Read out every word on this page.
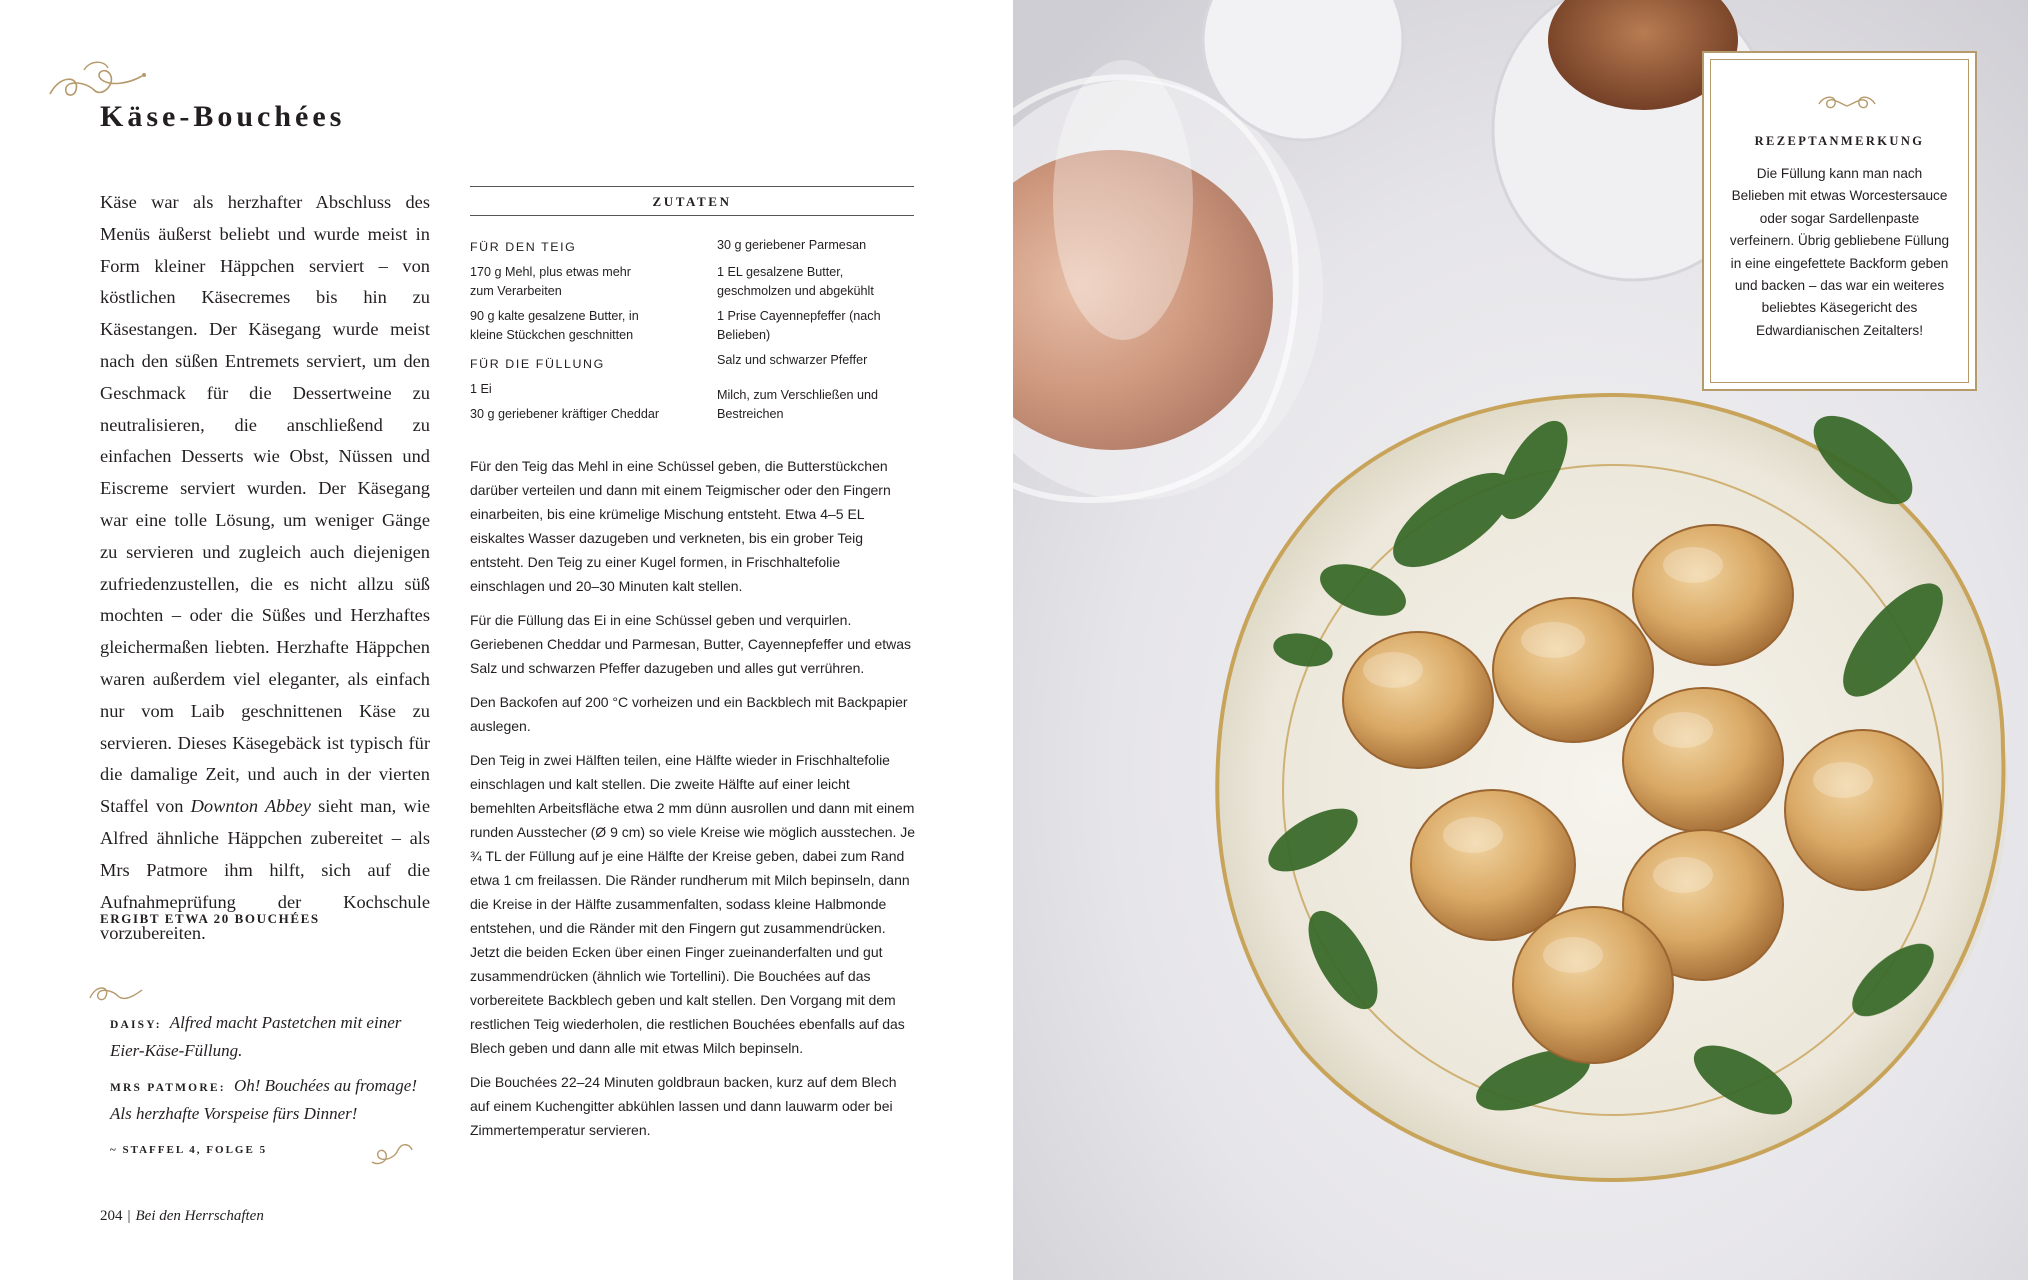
Käse-Bouchées
Käse war als herzhafter Abschluss des Menüs äußerst beliebt und wurde meist in Form kleiner Häppchen serviert – von köstlichen Käsecremes bis hin zu Käsestangen. Der Käsegang wurde meist nach den süßen Entremets serviert, um den Geschmack für die Dessertweine zu neutralisieren, die anschließend zu einfachen Desserts wie Obst, Nüssen und Eiscreme serviert wurden. Der Käsegang war eine tolle Lösung, um weniger Gänge zu servieren und zugleich auch diejenigen zufriedenzustellen, die es nicht allzu süß mochten – oder die Süßes und Herzhaftes gleichermaßen liebten. Herzhafte Häppchen waren außerdem viel eleganter, als einfach nur vom Laib geschnittenen Käse zu servieren. Dieses Käsegebäck ist typisch für die damalige Zeit, und auch in der vierten Staffel von Downton Abbey sieht man, wie Alfred ähnliche Häppchen zubereitet – als Mrs Patmore ihm hilft, sich auf die Aufnahmeprüfung der Kochschule vorzubereiten.
ERGIBT ETWA 20 BOUCHÉES
DAISY: Alfred macht Pastetchen mit einer Eier-Käse-Füllung.
MRS PATMORE: Oh! Bouchées au fromage! Als herzhafte Vorspeise fürs Dinner!
~ STAFFEL 4, FOLGE 5
204 | Bei den Herrschaften
ZUTATEN
FÜR DEN TEIG
170 g Mehl, plus etwas mehr zum Verarbeiten
90 g kalte gesalzene Butter, in kleine Stückchen geschnitten
FÜR DIE FÜLLUNG
1 Ei
30 g geriebener kräftiger Cheddar
30 g geriebener Parmesan
1 EL gesalzene Butter, geschmolzen und abgekühlt
1 Prise Cayennepfeffer (nach Belieben)
Salz und schwarzer Pfeffer
Milch, zum Verschließen und Bestreichen

Für den Teig das Mehl in eine Schüssel geben, die Butterstückchen darüber verteilen und dann mit einem Teigmischer oder den Fingern einarbeiten, bis eine krümelige Mischung entsteht. Etwa 4–5 EL eiskaltes Wasser dazugeben und verkneten, bis ein grober Teig entsteht. Den Teig zu einer Kugel formen, in Frischhaltefolie einschlagen und 20–30 Minuten kalt stellen.

Für die Füllung das Ei in eine Schüssel geben und verquirlen. Geriebenen Cheddar und Parmesan, Butter, Cayennepfeffer und etwas Salz und schwarzen Pfeffer dazugeben und alles gut verrühren.

Den Backofen auf 200 °C vorheizen und ein Backblech mit Backpapier auslegen.

Den Teig in zwei Hälften teilen, eine Hälfte wieder in Frischhaltefolie einschlagen und kalt stellen. Die zweite Hälfte auf einer leicht bemehlten Arbeitsfläche etwa 2 mm dünn ausrollen und dann mit einem runden Ausstecher (Ø 9 cm) so viele Kreise wie möglich ausstechen. Je ¾ TL der Füllung auf je eine Hälfte der Kreise geben, dabei zum Rand etwa 1 cm freilassen. Die Ränder rundherum mit Milch bepinseln, dann die Kreise in der Hälfte zusammenfalten, sodass kleine Halbmonde entstehen, und die Ränder mit den Fingern gut zusammendrücken. Jetzt die beiden Ecken über einen Finger zueinanderfalten und gut zusammendrücken (ähnlich wie Tortellini). Die Bouchées auf das vorbereitete Backblech geben und kalt stellen. Den Vorgang mit dem restlichen Teig wiederholen, die restlichen Bouchées ebenfalls auf das Blech geben und dann alle mit etwas Milch bepinseln.

Die Bouchées 22–24 Minuten goldbraun backen, kurz auf dem Blech auf einem Kuchengitter abkühlen lassen und dann lauwarm oder bei Zimmertemperatur servieren.

REZEPTANMERKUNG
Die Füllung kann man nach Belieben mit etwas Worcestersauce oder sogar Sardellenpaste verfeinern. Übrig gebliebene Füllung in eine eingefettete Backform geben und backen – das war ein weiteres beliebtes Käsegericht des Edwardianischen Zeitalters!
